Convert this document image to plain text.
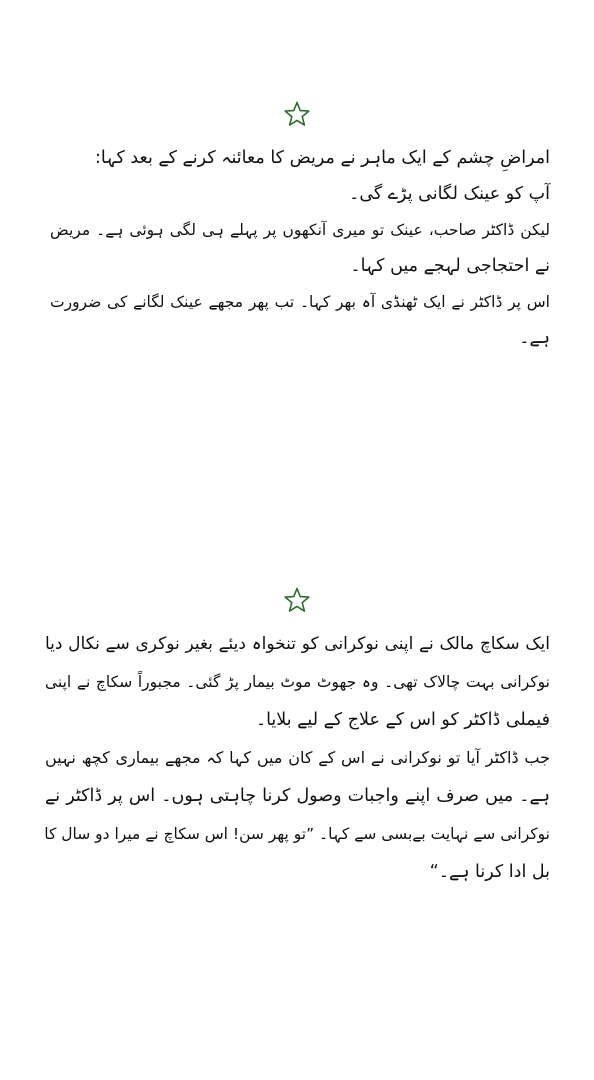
امراضِ چشم کے ایک ماہر نے مریض کا معائنہ کرنے کے بعد کہا:

آپ کو عینک لگانی پڑے گی۔

لیکن ڈاکٹر صاحب، عینک تو میری آنکھوں پر پہلے ہی لگی ہوئی ہے۔ مریض

نے احتجاجی لہجے میں کہا۔

اس پر ڈاکٹر نے ایک ٹھنڈی آہ بھر کہا۔ تب پھر مجھے عینک لگانے کی ضرورت

ہے۔

ایک سکاچ مالک نے اپنی نوکرانی کو تنخواہ دیئے بغیر نوکری سے نکال دیا

نوکرانی بہت چالاک تھی۔ وہ جھوٹ موٹ بیمار پڑ گئی۔ مجبوراً سکاچ نے اپنی

فیملی ڈاکٹر کو اس کے علاج کے لیے بلایا۔

جب ڈاکٹر آیا تو نوکرانی نے اس کے کان میں کہا کہ مجھے بیماری کچھ نہیں

ہے۔ میں صرف اپنے واجبات وصول کرنا چاہتی ہوں۔ اس پر ڈاکٹر نے

نوکرانی سے نہایت بےبسی سے کہا۔ ”تو پھر سن! اس سکاچ نے میرا دو سال کا

بل ادا کرنا ہے۔“
